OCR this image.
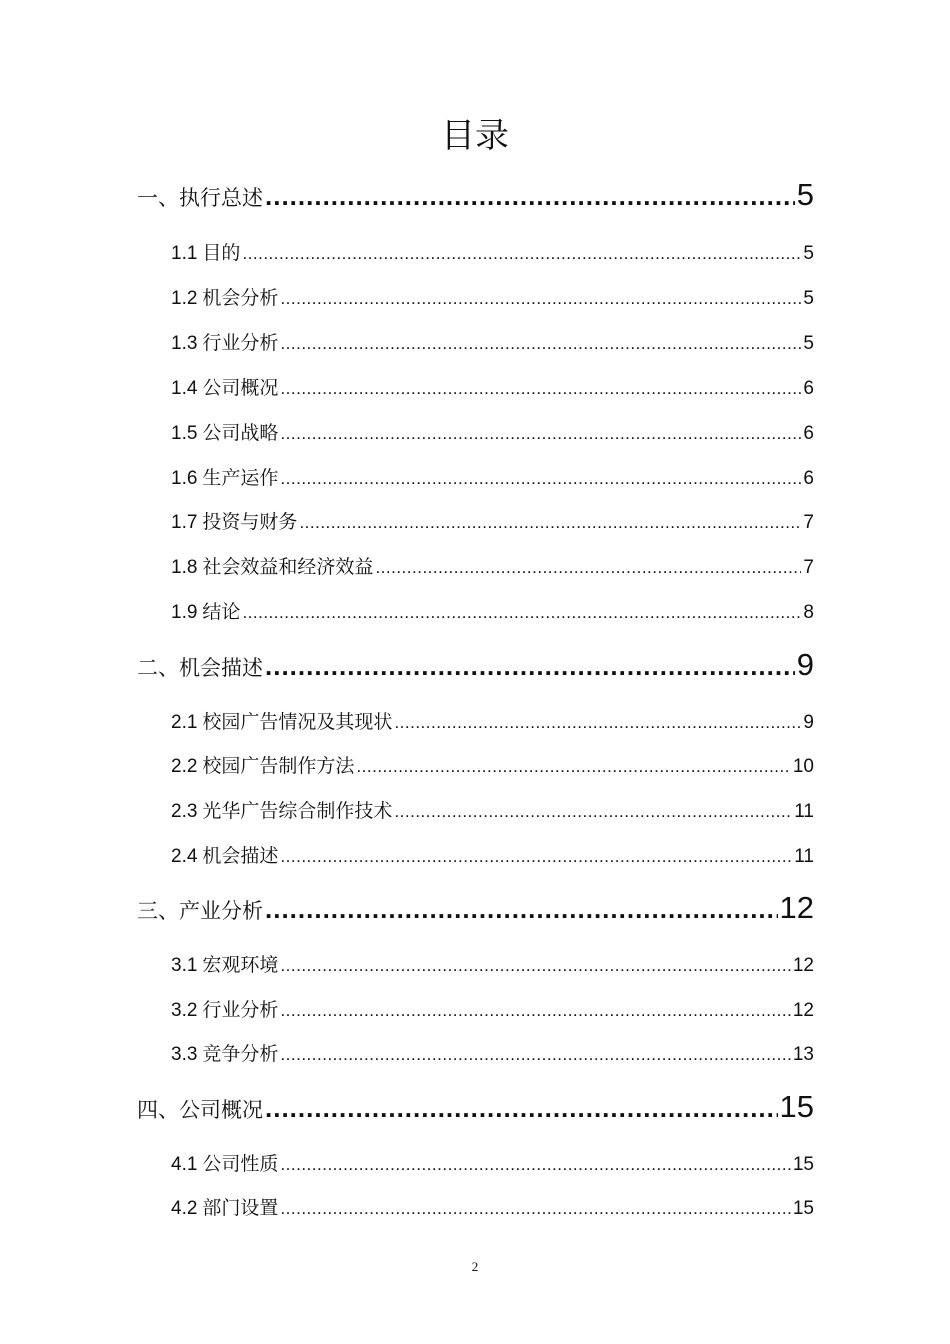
目录
一、 执行总述 .....	5
1.1 目的 .....	5
1.2 机会分析 .....	5
1.3 行业分析 .....	5
1.4 公司概况 .....	6
1.5 公司战略 .....	6
1.6 生产运作 .....	6
1.7 投资与财务 .....	7
1.8 社会效益和经济效益 .....	7
1.9 结论 .....	8
二、 机会描述 .....	9
2.1 校园广告情况及其现状 .....	9
2.2 校园广告制作方法 .....	10
2.3 光华广告综合制作技术 .....	11
2.4 机会描述 .....	11
三、 产业分析 .....	12
3.1 宏观环境 .....	12
3.2 行业分析 .....	12
3.3 竞争分析 .....	13
四、 公司概况 .....	15
4.1 公司性质 .....	15
4.2 部门设置 .....	15
2
